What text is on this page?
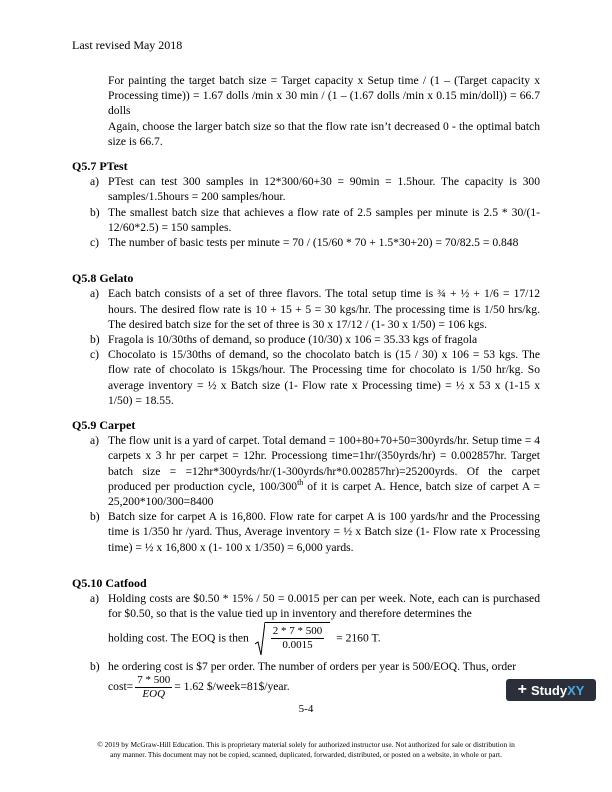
Last revised May 2018

For painting the target batch size = Target capacity x Setup time / (1 – (Target capacity x Processing time)) = 1.67 dolls /min x 30 min / (1 – (1.67 dolls /min x 0.15 min/doll)) = 66.7 dolls

Again, choose the larger batch size so that the flow rate isn’t decreased 0 - the optimal batch size is 66.7.

Q5.7 PTest
a) PTest can test 300 samples in 12*300/60+30 = 90min = 1.5hour. The capacity is 300 samples/1.5hours = 200 samples/hour.
b) The smallest batch size that achieves a flow rate of 2.5 samples per minute is 2.5 * 30/(1-12/60*2.5) = 150 samples.
c) The number of basic tests per minute = 70 / (15/60 * 70 + 1.5*30+20) = 70/82.5 = 0.848
Q5.8 Gelato
a) Each batch consists of a set of three flavors. The total setup time is ¾ + ½ + 1/6 = 17/12 hours. The desired flow rate is 10 + 15 + 5 = 30 kgs/hr. The processing time is 1/50 hrs/kg. The desired batch size for the set of three is 30 x 17/12 / (1- 30 x 1/50) = 106 kgs.
b) Fragola is 10/30ths of demand, so produce (10/30) x 106 = 35.33 kgs of fragola
c) Chocolato is 15/30ths of demand, so the chocolato batch is (15 / 30) x 106 = 53 kgs. The flow rate of chocolato is 15kgs/hour. The Processing time for chocolato is 1/50 hr/kg. So average inventory = ½ x Batch size (1- Flow rate x Processing time) = ½ x 53 x (1-15 x 1/50) = 18.55.
Q5.9 Carpet
a) The flow unit is a yard of carpet. Total demand = 100+80+70+50=300yrds/hr. Setup time = 4 carpets x 3 hr per carpet = 12hr. Processiong time=1hr/(350yrds/hr) = 0.002857hr. Target batch size = =12hr*300yrds/hr/(1-300yrds/hr*0.002857hr)=25200yrds. Of the carpet produced per production cycle, 100/300th of it is carpet A. Hence, batch size of carpet A = 25,200*100/300=8400
b) Batch size for carpet A is 16,800. Flow rate for carpet A is 100 yards/hr and the Processing time is 1/350 hr /yard. Thus, Average inventory = ½ x Batch size (1- Flow rate x Processing time) = ½ x 16,800 x (1- 100 x 1/350) = 6,000 yards.
Q5.10 Catfood
a) Holding costs are $0.50 * 15% / 50 = 0.0015 per can per week. Note, each can is purchased for $0.50, so that is the value tied up in inventory and therefore determines the
holding cost. The EOQ is then $\frac{2 * 7 * 500}{0.0015} = 2160$ T.
b) he ordering cost is $7 per order. The number of orders per year is 500/EOQ. Thus, order
$\cos t= \frac{7 * 500}{\text{EOQ}} = 1.62$ $/week=81$/year.	+ StudyXY
5-4
© 2019 by McGraw-Hill Education. This is proprietary material solely for authorized instructor use. Not authorized for sale or distribution in any manner. This document may not be copied, scanned, duplicated, forwarded, distributed, or posted on a website, in whole or part.
